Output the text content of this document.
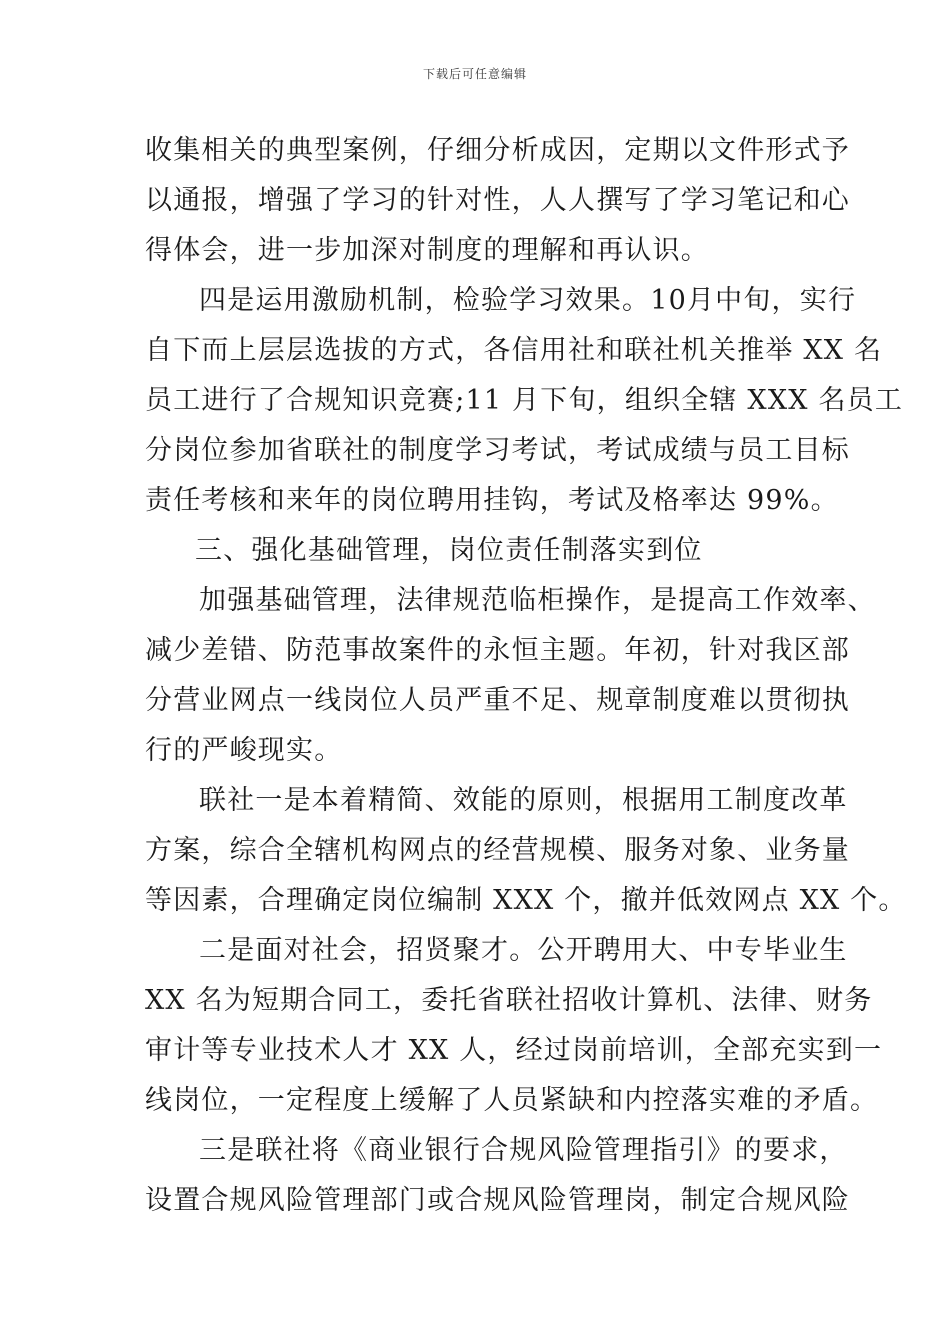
下载后可任意编辑
收集相关的典型案例，仔细分析成因，定期以文件形式予
以通报，增强了学习的针对性，人人撰写了学习笔记和心
得体会，进一步加深对制度的理解和再认识。
四是运用激励机制，检验学习效果。10月中旬，实行
自下而上层层选拔的方式，各信用社和联社机关推举 XX 名
员工进行了合规知识竞赛;11 月下旬，组织全辖 XXX 名员工
分岗位参加省联社的制度学习考试，考试成绩与员工目标
责任考核和来年的岗位聘用挂钩，考试及格率达 99%。
三、强化基础管理，岗位责任制落实到位
加强基础管理，法律规范临柜操作，是提高工作效率、
减少差错、防范事故案件的永恒主题。年初，针对我区部
分营业网点一线岗位人员严重不足、规章制度难以贯彻执
行的严峻现实。
联社一是本着精简、效能的原则，根据用工制度改革
方案，综合全辖机构网点的经营规模、服务对象、业务量
等因素，合理确定岗位编制 XXX 个，撤并低效网点 XX 个。
二是面对社会，招贤聚才。公开聘用大、中专毕业生
XX 名为短期合同工，委托省联社招收计算机、法律、财务
审计等专业技术人才 XX 人，经过岗前培训，全部充实到一
线岗位，一定程度上缓解了人员紧缺和内控落实难的矛盾。
三是联社将《商业银行合规风险管理指引》的要求，
设置合规风险管理部门或合规风险管理岗，制定合规风险
